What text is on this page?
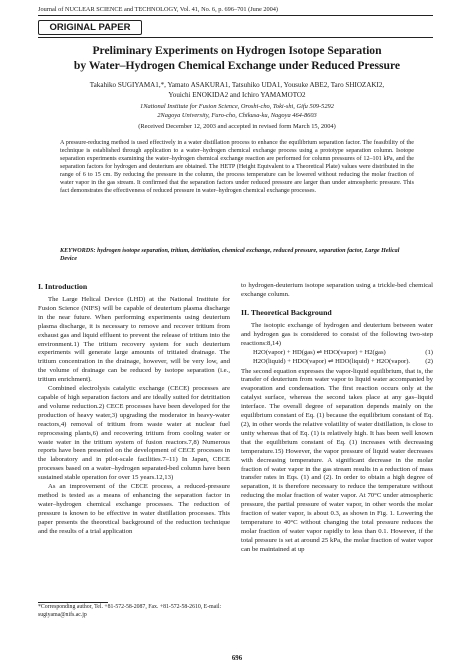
Journal of NUCLEAR SCIENCE and TECHNOLOGY, Vol. 41, No. 6, p. 696–701 (June 2004)
ORIGINAL PAPER
Preliminary Experiments on Hydrogen Isotope Separation
by Water–Hydrogen Chemical Exchange under Reduced Pressure

Takahiko SUGIYAMA1,*, Yamato ASAKURA1, Tatsuhiko UDA1, Yousuke ABE2, Taro SHIOZAKI2,
Youichi ENOKIDA2 and Ichiro YAMAMOTO2

1National Institute for Fusion Science, Oroshi-cho, Toki-shi, Gifu 509-5292

2Nagoya University, Furo-cho, Chikusa-ku, Nagoya 464-8603

(Received December 12, 2003 and accepted in revised form March 15, 2004)

A pressure-reducing method is used effectively in a water distillation process to enhance the equilibrium separation factor. The feasibility of the technique is established through application to a water–hydrogen chemical exchange process using a prototype separation column. Isotope separation experiments examining the water–hydrogen chemical exchange reaction are performed for column pressures of 12–101 kPa, and the separation factors for hydrogen and deuterium are obtained. The HETP (Height Equivalent to a Theoretical Plate) values were distributed in the range of 6 to 15 cm. By reducing the pressure in the column, the process temperature can be lowered without reducing the molar fraction of water vapor in the gas stream. It confirmed that the separation factors under reduced pressure are larger than under atmospheric pressure. This fact demonstrates the effectiveness of reduced pressure in water–hydrogen chemical exchange processes.

KEYWORDS: hydrogen isotope separation, tritium, detritiation, chemical exchange, reduced pressure, separation factor, Large Helical Device

I. Introduction

The Large Helical Device (LHD) at the National Institute for Fusion Science (NIFS) will be capable of deuterium plasma discharge in the near future. When performing experiments using deuterium plasma discharge, it is necessary to remove and recover tritium from exhaust gas and liquid effluent to prevent the release of tritium into the environment.1) The tritium recovery system for such deuterium experiments will generate large amounts of tritiated drainage. The tritium concentration in the drainage, however, will be very low, and the volume of drainage can be reduced by isotope separation (i.e., tritium enrichment).

Combined electrolysis catalytic exchange (CECE) processes are capable of high separation factors and are ideally suited for detritiation and volume reduction.2) CECE processes have been developed for the production of heavy water,3) upgrading the moderator in heavy-water reactors,4) removal of tritium from waste water at nuclear fuel reprocessing plants,6) and recovering tritium from cooling water or waste water in the tritium system of fusion reactors.7,8) Numerous reports have been presented on the development of CECE processes in the laboratory and in pilot-scale facilities.7–11) In Japan, CECE processes based on a water–hydrogen separated-bed column have been sustained stable operation for over 15 years.12,13)

As an improvement of the CECE process, a reduced-pressure method is tested as a means of enhancing the separation factor in water–hydrogen chemical exchange processes. The reduction of pressure is known to be effective in water distillation processes. This paper presents the theoretical background of the reduction technique and the results of a trial application

to hydrogen-deuterium isotope separation using a trickle-bed chemical exchange column.

II. Theoretical Background

The isotopic exchange of hydrogen and deuterium between water and hydrogen gas is considered to consist of the following two-step reactions:8,14)

H2O(vapor) + HD(gas) ⇌ HDO(vapor) + H2(gas)	(1)
H2O(liquid) + HDO(vapor) ⇌ HDO(liquid) + H2O(vapor). (2)

The second equation expresses the vapor-liquid equilibrium, that is, the transfer of deuterium from water vapor to liquid water accompanied by evaporation and condensation. The first reaction occurs only at the catalyst surface, whereas the second takes place at any gas–liquid interface. The overall degree of separation depends mainly on the equilibrium constant of Eq. (1) because the equilibrium constant of Eq. (2), in other words the relative volatility of water distillation, is close to unity whereas that of Eq. (1) is relatively high. It has been well known that the equilibrium constant of Eq. (1) increases with decreasing temperature.15) However, the vapor pressure of liquid water decreases with decreasing temperature. A significant decrease in the molar fraction of water vapor in the gas stream results in a reduction of mass transfer rates in Eqs. (1) and (2). In order to obtain a high degree of separation, it is therefore necessary to reduce the temperature without reducing the molar fraction of water vapor. At 70°C under atmospheric pressure, the partial pressure of water vapor, in other words the molar fraction of water vapor, is about 0.3, as shown in Fig. 1. Lowering the temperature to 40°C without changing the total pressure reduces the molar fraction of water vapor rapidly to less than 0.1. However, if the total pressure is set at around 25 kPa, the molar fraction of water vapor can be maintained at up

*Corresponding author, Tel. +81-572-58-2087, Fax. +81-572-58-2610, E-mail: sugiyama@nifs.ac.jp

696
